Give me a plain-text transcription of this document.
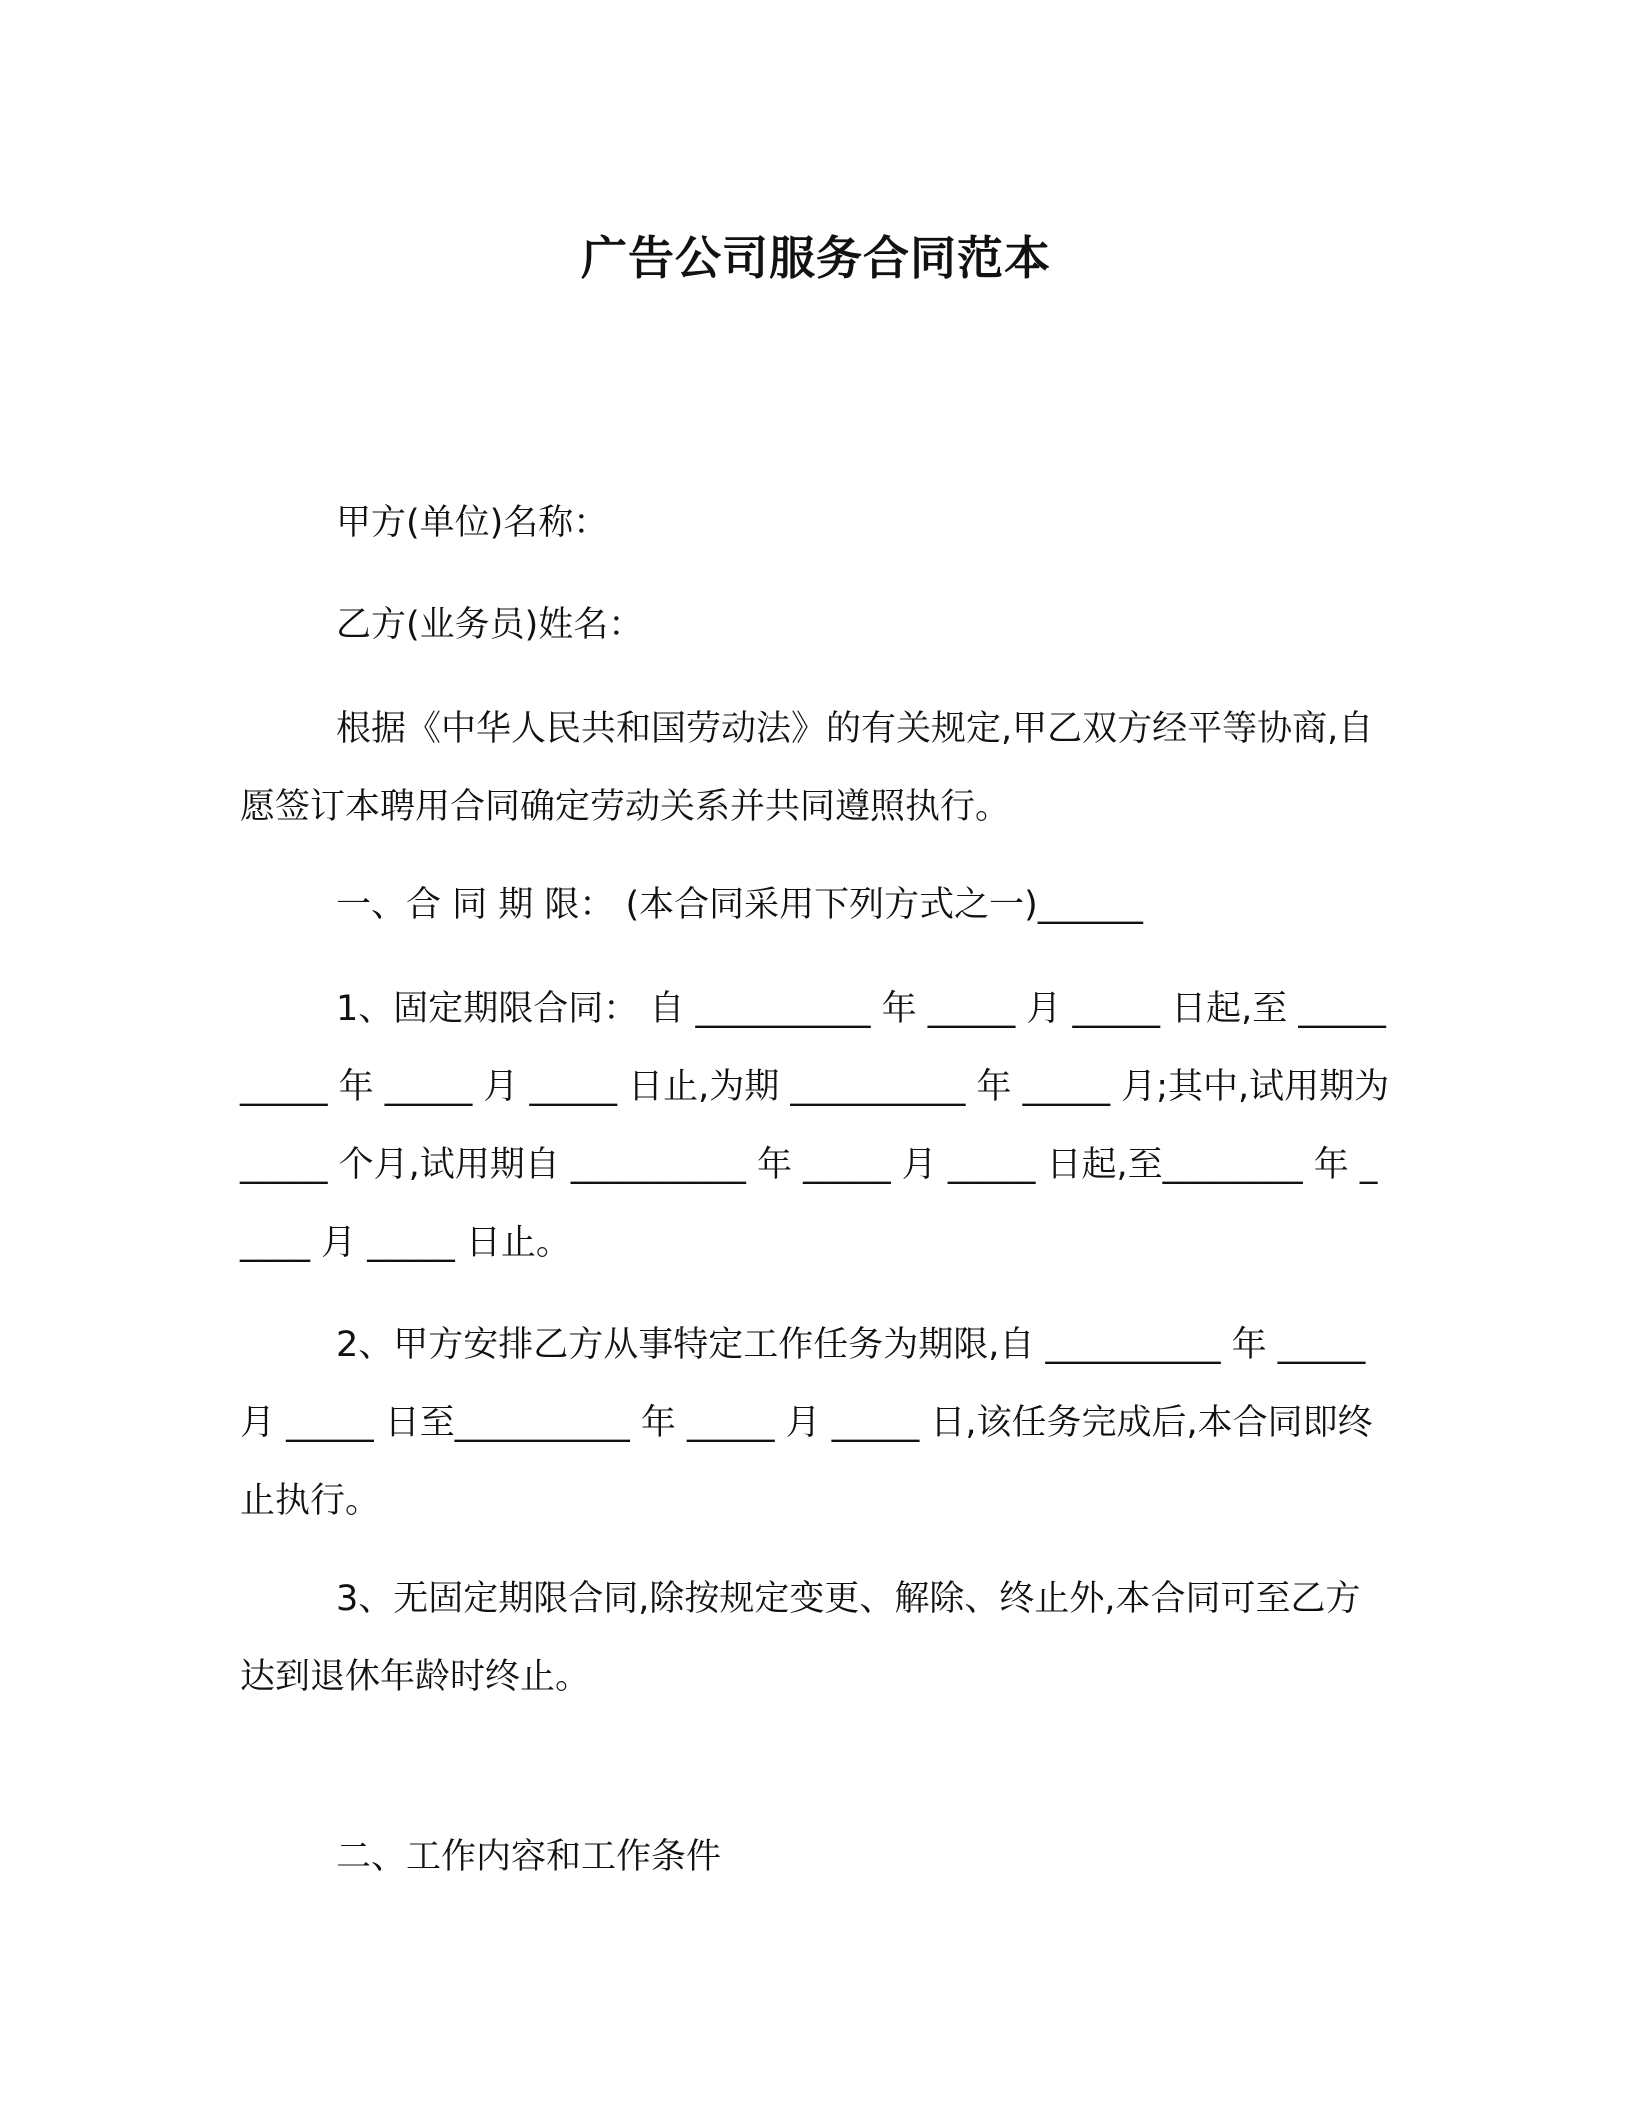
广告公司服务合同范本

甲方(单位)名称：

乙方(业务员)姓名：

根据《中华人民共和国劳动法》的有关规定,甲乙双方经平等协商,自愿签订本聘用合同确定劳动关系并共同遵照执行。

一、合 同 期 限： (本合同采用下列方式之一)______

1、固定期限合同： 自 __________ 年 _____ 月 _____ 日起,至 __________ 年 _____ 月 _____ 日止,为期 __________ 年 _____ 月;其中,试用期为 _____ 个月,试用期自 __________ 年 _____ 月 _____ 日起,至________ 年 _____ 月 _____ 日止。

2、甲方安排乙方从事特定工作任务为期限,自 __________ 年 _____ 月 _____ 日至__________ 年 _____ 月 _____ 日,该任务完成后,本合同即终止执行。

3、无固定期限合同,除按规定变更、解除、终止外,本合同可至乙方达到退休年龄时终止。

二、工作内容和工作条件
